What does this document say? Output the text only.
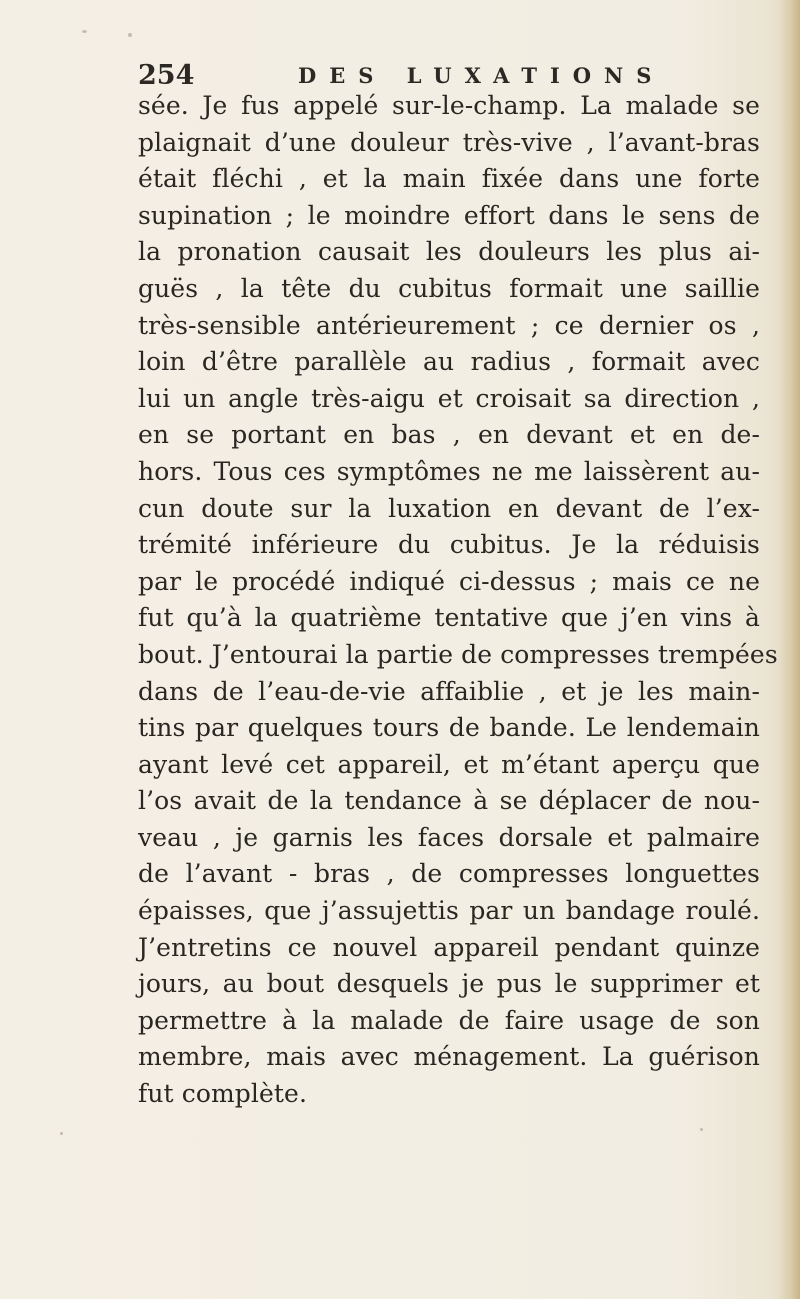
254	DES LUXATIONS
sée. Je fus appelé sur-le-champ. La malade se
plaignait d’une douleur très-vive , l’avant-bras
était fléchi , et la main fixée dans une forte
supination ; le moindre effort dans le sens de
la pronation causait les douleurs les plus ai-
guës , la tête du cubitus formait une saillie
très-sensible antérieurement ; ce dernier os ,
loin d’être parallèle au radius , formait avec
lui un angle très-aigu et croisait sa direction ,
en se portant en bas , en devant et en de-
hors. Tous ces symptômes ne me laissèrent au-
cun doute sur la luxation en devant de l’ex-
trémité inférieure du cubitus. Je la réduisis
par le procédé indiqué ci-dessus ; mais ce ne
fut qu’à la quatrième tentative que j’en vins à
bout. J’entourai la partie de compresses trempées
dans de l’eau-de-vie affaiblie , et je les main-
tins par quelques tours de bande. Le lendemain
ayant levé cet appareil, et m’étant aperçu que
l’os avait de la tendance à se déplacer de nou-
veau , je garnis les faces dorsale et palmaire
de l’avant - bras , de compresses longuettes
épaisses, que j’assujettis par un bandage roulé.
J’entretins ce nouvel appareil pendant quinze
jours, au bout desquels je pus le supprimer et
permettre à la malade de faire usage de son
membre, mais avec ménagement. La guérison
fut complète.
